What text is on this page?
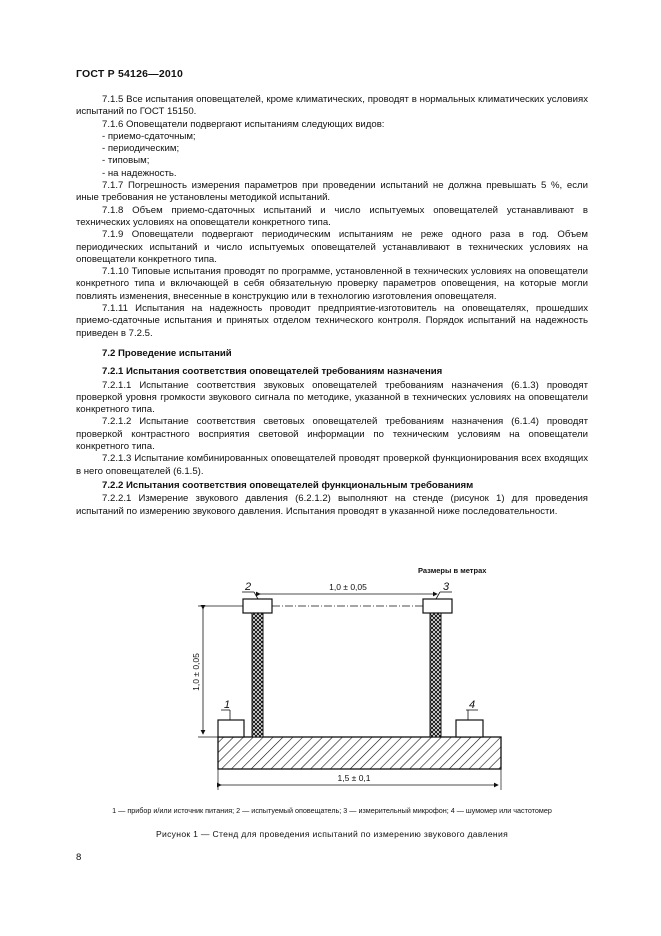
ГОСТ Р 54126—2010

7.1.5 Все испытания оповещателей, кроме климатических, проводят в нормальных климатических условиях испытаний по ГОСТ 15150.

7.1.6 Оповещатели подвергают испытаниям следующих видов:

- приемо-сдаточным;

- периодическим;

- типовым;

- на надежность.

7.1.7 Погрешность измерения параметров при проведении испытаний не должна превышать 5 %, если иные требования не установлены методикой испытаний.

7.1.8 Объем приемо-сдаточных испытаний и число испытуемых оповещателей устанавливают в технических условиях на оповещатели конкретного типа.

7.1.9 Оповещатели подвергают периодическим испытаниям не реже одного раза в год. Объем периодических испытаний и число испытуемых оповещателей устанавливают в технических условиях на оповещатели конкретного типа.

7.1.10 Типовые испытания проводят по программе, установленной в технических условиях на оповещатели конкретного типа и включающей в себя обязательную проверку параметров оповещения, на которые могли повлиять изменения, внесенные в конструкцию или в технологию изготовления оповещателя.

7.1.11 Испытания на надежность проводит предприятие-изготовитель на оповещателях, прошедших приемо-сдаточные испытания и принятых отделом технического контроля. Порядок испытаний на надежность приведен в 7.2.5.

7.2 Проведение испытаний
7.2.1 Испытания соответствия оповещателей требованиям назначения

7.2.1.1 Испытание соответствия звуковых оповещателей требованиям назначения (6.1.3) проводят проверкой уровня громкости звукового сигнала по методике, указанной в технических условиях на оповещатели конкретного типа.

7.2.1.2 Испытание соответствия световых оповещателей требованиям назначения (6.1.4) проводят проверкой контрастного восприятия световой информации по техническим условиям на оповещатели конкретного типа.

7.2.1.3 Испытание комбинированных оповещателей проводят проверкой функционирования всех входящих в него оповещателей (6.1.5).

7.2.2 Испытания соответствия оповещателей функциональным требованиям

7.2.2.1 Измерение звукового давления (6.2.1.2) выполняют на стенде (рисунок 1) для проведения испытаний по измерению звукового давления. Испытания проводят в указанной ниже последовательности.

Размеры в метрах
1,0 ± 0,05
1,0 ± 0,05
1,5 ± 0,1
1
2	3
4
1 — прибор и/или источник питания; 2 — испытуемый оповещатель; 3 — измерительный микрофон; 4 — шумомер или частотомер
Рисунок 1 — Стенд для проведения испытаний по измерению звукового давления
8
